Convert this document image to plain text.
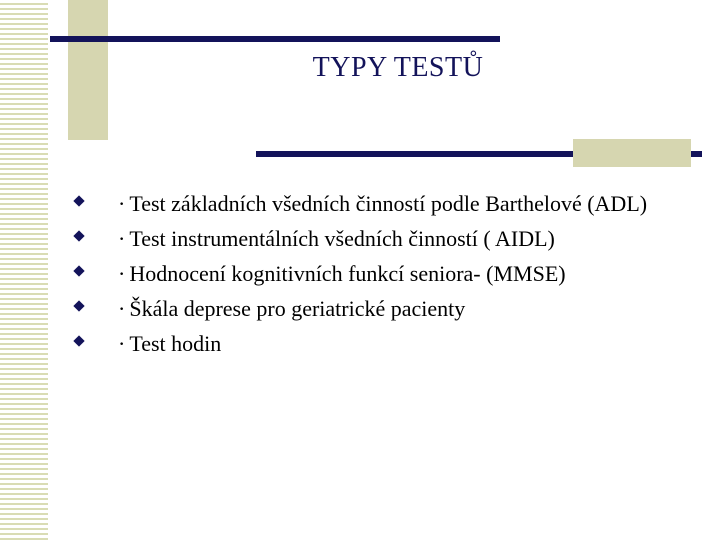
TYPY TESTŮ
· Test základních všedních činností podle Barthelové (ADL)
· Test instrumentálních všedních činností ( AIDL)
· Hodnocení kognitivních funkcí seniora- (MMSE)
· Škála deprese pro geriatrické pacienty
· Test hodin
